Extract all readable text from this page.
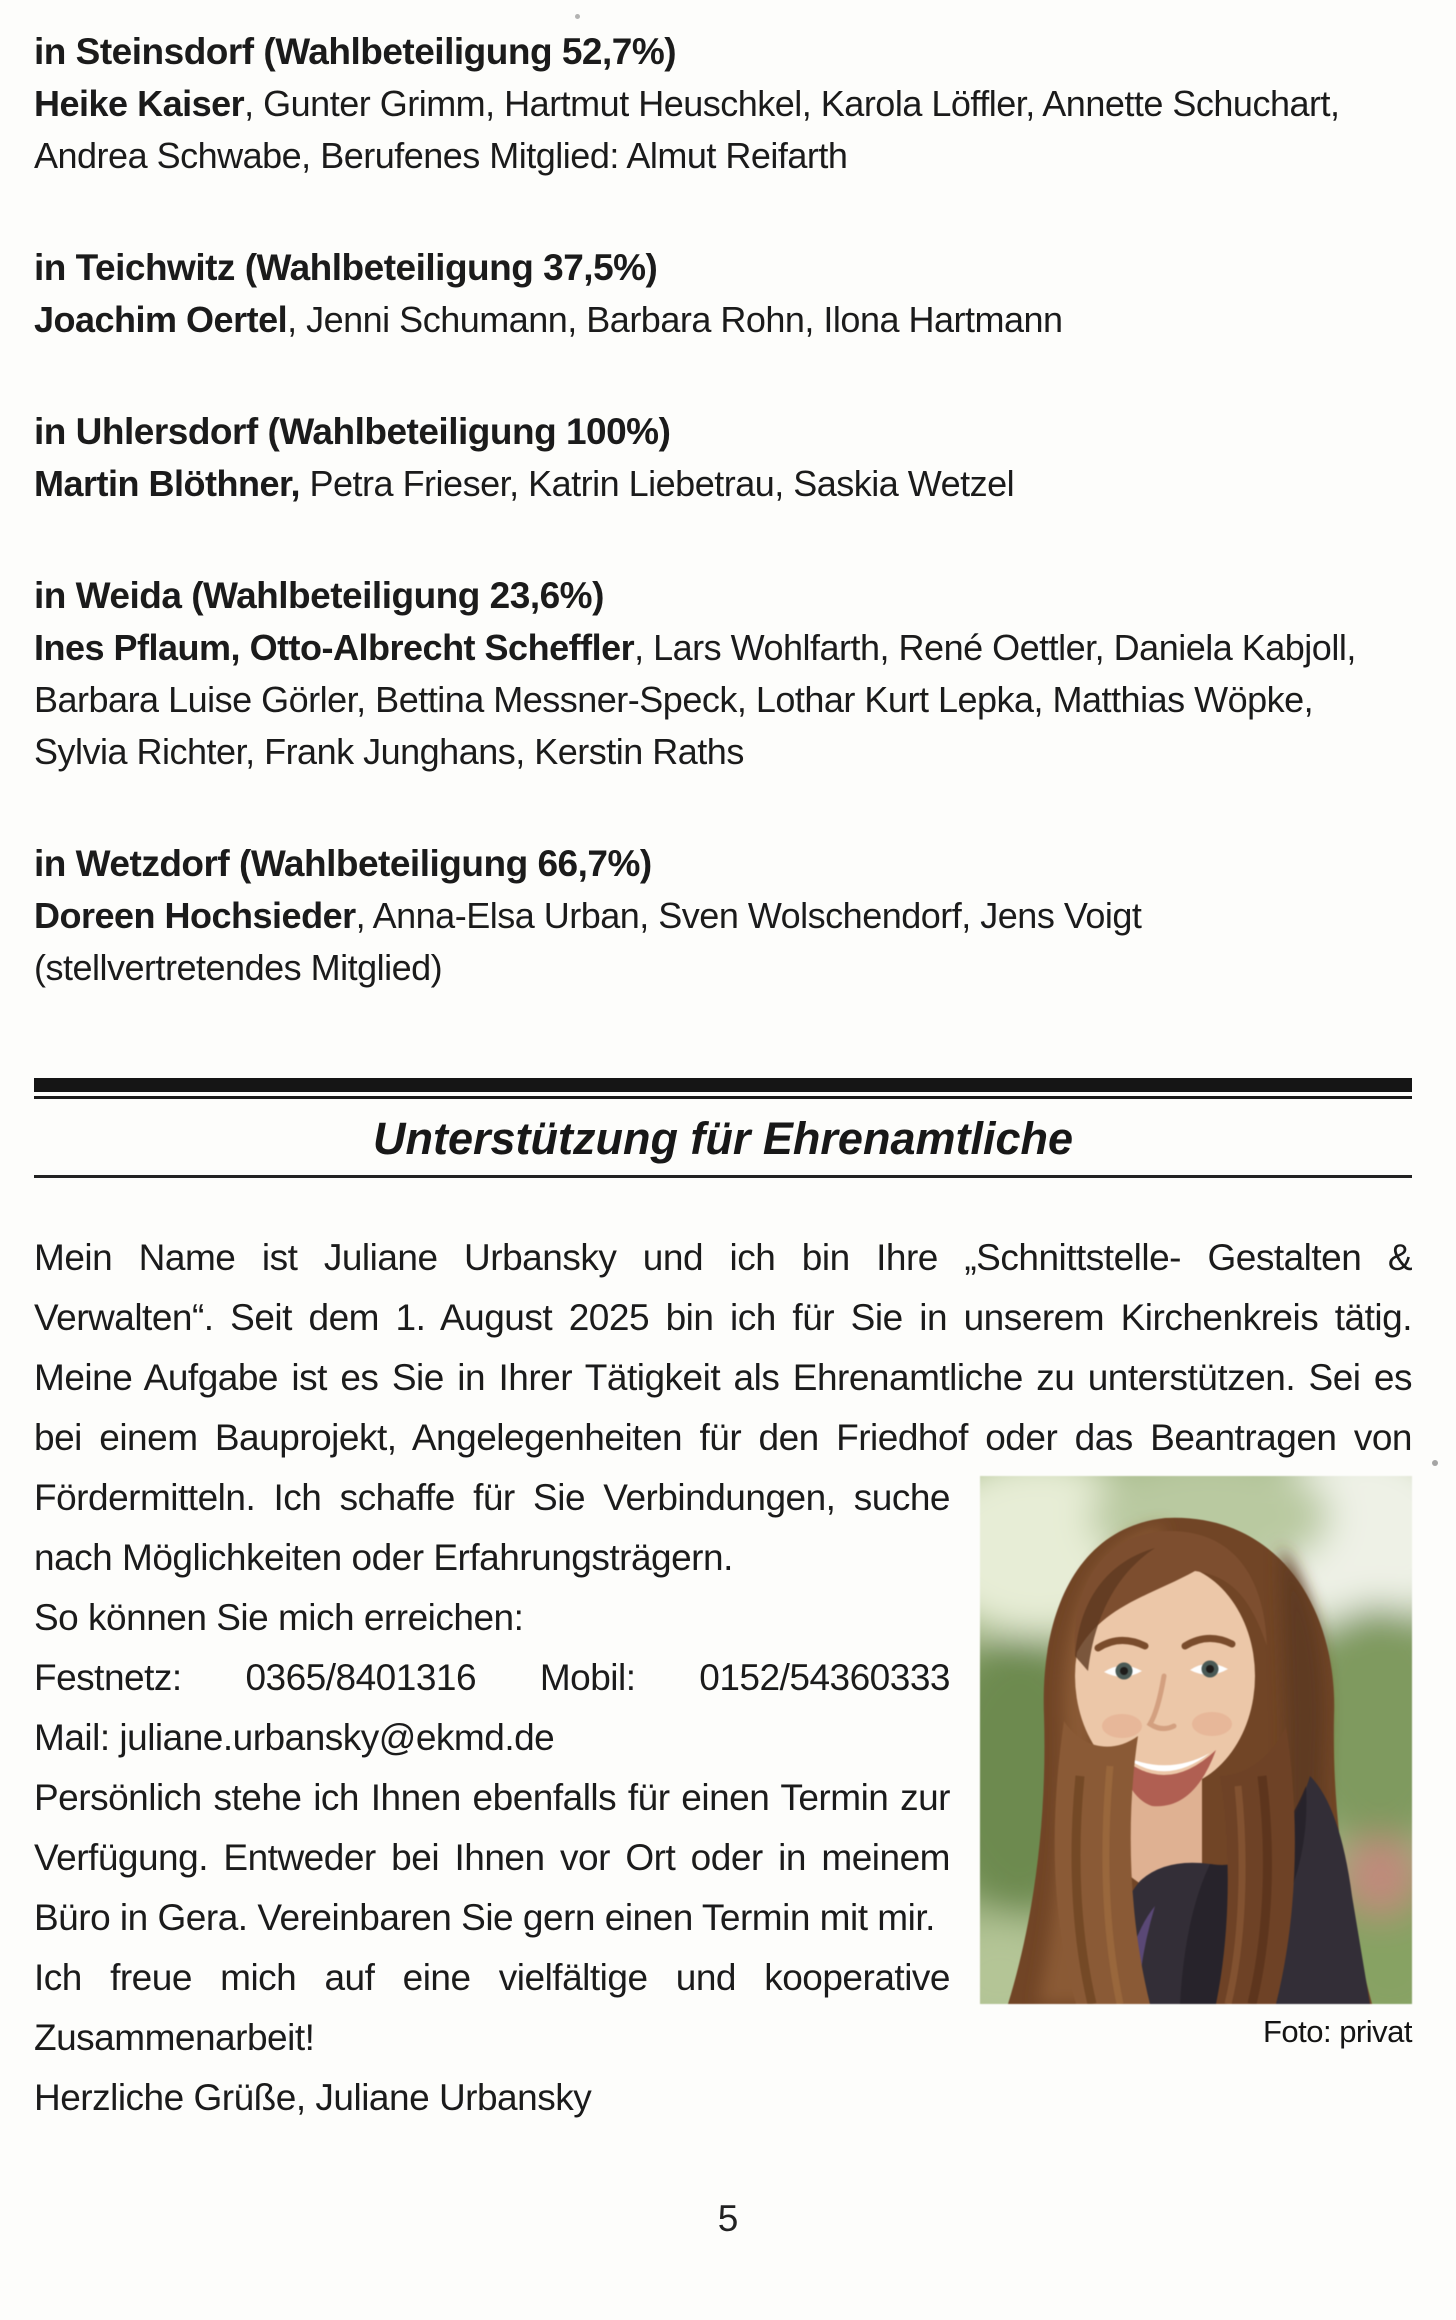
in Steinsdorf (Wahlbeteiligung 52,7%)
Heike Kaiser, Gunter Grimm, Hartmut Heuschkel, Karola Löffler, Annette Schuchart, Andrea Schwabe, Berufenes Mitglied: Almut Reifarth
in Teichwitz (Wahlbeteiligung 37,5%)
Joachim Oertel, Jenni Schumann, Barbara Rohn, Ilona Hartmann
in Uhlersdorf (Wahlbeteiligung 100%)
Martin Blöthner, Petra Frieser, Katrin Liebetrau, Saskia Wetzel
in Weida (Wahlbeteiligung 23,6%)
Ines Pflaum, Otto-Albrecht Scheffler, Lars Wohlfarth, René Oettler, Daniela Kabjoll, Barbara Luise Görler, Bettina Messner-Speck, Lothar Kurt Lepka, Matthias Wöpke, Sylvia Richter, Frank Junghans, Kerstin Raths
in Wetzdorf (Wahlbeteiligung 66,7%)
Doreen Hochsieder, Anna-Elsa Urban, Sven Wolschendorf, Jens Voigt (stellvertretendes Mitglied)
Unterstützung für Ehrenamtliche
Mein Name ist Juliane Urbansky und ich bin Ihre „Schnittstelle- Gestalten & Verwalten“. Seit dem 1. August 2025 bin ich für Sie in unserem Kirchenkreis tätig. Meine Aufgabe ist es Sie in Ihrer Tätigkeit als Ehrenamtliche zu unterstützen. Sei es bei einem Bauprojekt, Angelegenheiten für den Friedhof oder das Beantragen von Fördermitteln. Ich schaffe für Sie Verbindungen, suche
Foto: privat
nach Möglichkeiten oder Erfahrungsträgern.
So können Sie mich erreichen:
Festnetz: 0365/8401316 Mobil: 0152/54360333
Mail: juliane.urbansky@ekmd.de
Persönlich stehe ich Ihnen ebenfalls für einen Termin zur Verfügung. Entweder bei Ihnen vor Ort oder in meinem Büro in Gera. Vereinbaren Sie gern einen Termin mit mir.
Ich freue mich auf eine vielfältige und kooperative Zusammenarbeit!
Herzliche Grüße, Juliane Urbansky
5
